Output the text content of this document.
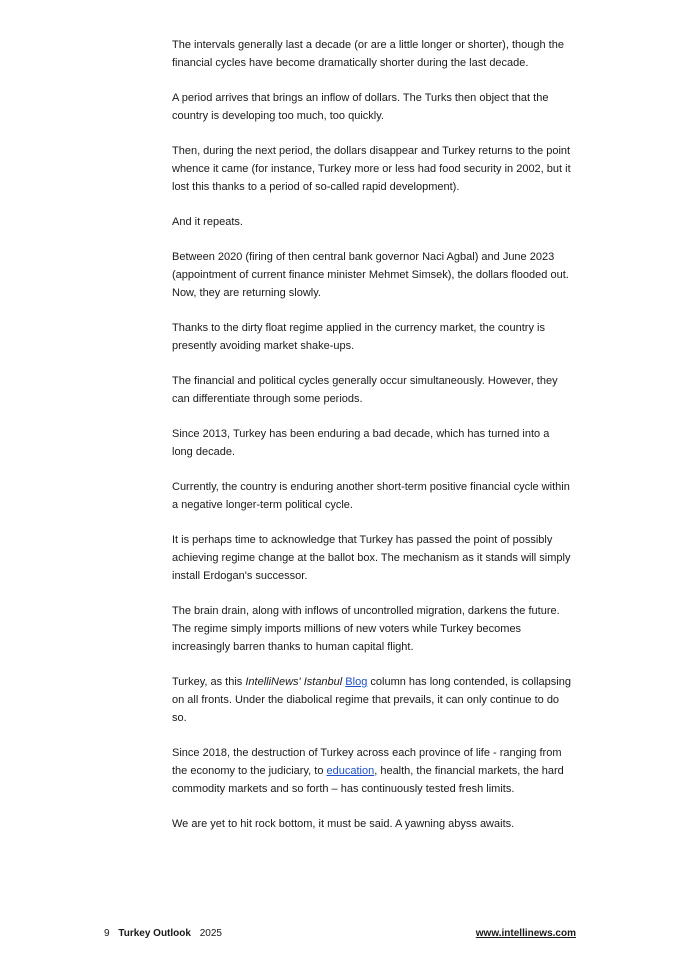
The intervals generally last a decade (or are a little longer or shorter), though the financial cycles have become dramatically shorter during the last decade.

A period arrives that brings an inflow of dollars. The Turks then object that the country is developing too much, too quickly.

Then, during the next period, the dollars disappear and Turkey returns to the point whence it came (for instance, Turkey more or less had food security in 2002, but it lost this thanks to a period of so-called rapid development).

And it repeats.

Between 2020 (firing of then central bank governor Naci Agbal) and June 2023 (appointment of current finance minister Mehmet Simsek), the dollars flooded out. Now, they are returning slowly.

Thanks to the dirty float regime applied in the currency market, the country is presently avoiding market shake-ups.

The financial and political cycles generally occur simultaneously. However, they can differentiate through some periods.

Since 2013, Turkey has been enduring a bad decade, which has turned into a long decade.

Currently, the country is enduring another short-term positive financial cycle within a negative longer-term political cycle.

It is perhaps time to acknowledge that Turkey has passed the point of possibly achieving regime change at the ballot box. The mechanism as it stands will simply install Erdogan's successor.

The brain drain, along with inflows of uncontrolled migration, darkens the future. The regime simply imports millions of new voters while Turkey becomes increasingly barren thanks to human capital flight.

Turkey, as this IntelliNews' Istanbul Blog column has long contended, is collapsing on all fronts. Under the diabolical regime that prevails, it can only continue to do so.

Since 2018, the destruction of Turkey across each province of life - ranging from the economy to the judiciary, to education, health, the financial markets, the hard commodity markets and so forth – has continuously tested fresh limits.

We are yet to hit rock bottom, it must be said. A yawning abyss awaits.

9 Turkey Outlook 2025	www.intellinews.com
